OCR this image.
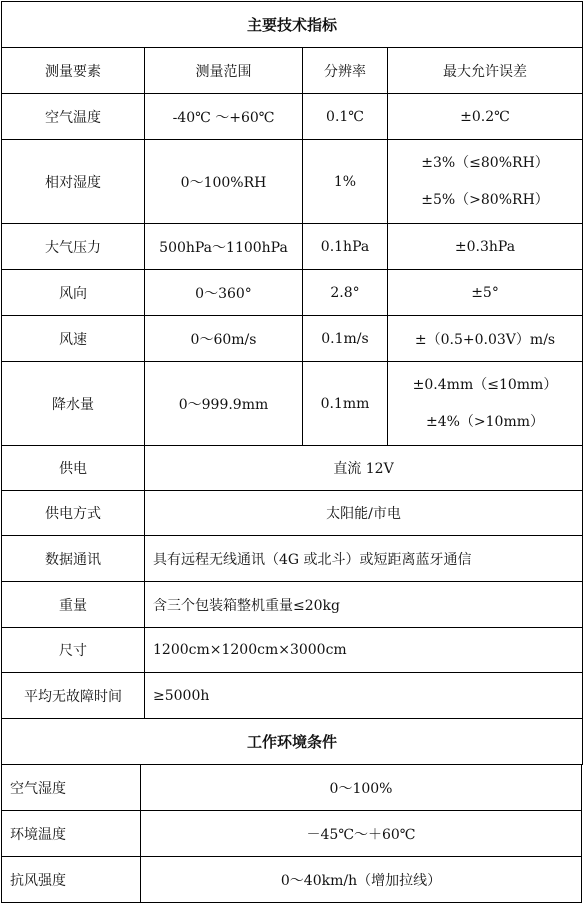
主要技术指标			
测量要素	测量范围	分辨率	最大允许误差
空气温度	-40℃ ～+60℃	0.1℃	±0.2℃
相对湿度	0～100%RH	1%	±3%（≤80%RH）
±5%（>80%RH）

大气压力	500hPa～1100hPa	0.1hPa	±0.3hPa
风向	0～360°	2.8°	±5°
风速	0～60m/s	0.1m/s	±（0.5+0.03V）m/s
降水量	0～999.9mm	0.1mm	±0.4mm（≤10mm）
±4%（>10mm）

供电	直流 12V		
供电方式	太阳能/市电		
数据通讯	具有远程无线通讯（4G 或北斗）或短距离蓝牙通信		
重量	含三个包装箱整机重量≤20kg		
尺寸	1200cm×1200cm×3000cm		
平均无故障时间	≥5000h		
工作环境条件			
空气湿度	0～100%
环境温度	－45℃～＋60℃
抗风强度	0～40km/h（增加拉线）
